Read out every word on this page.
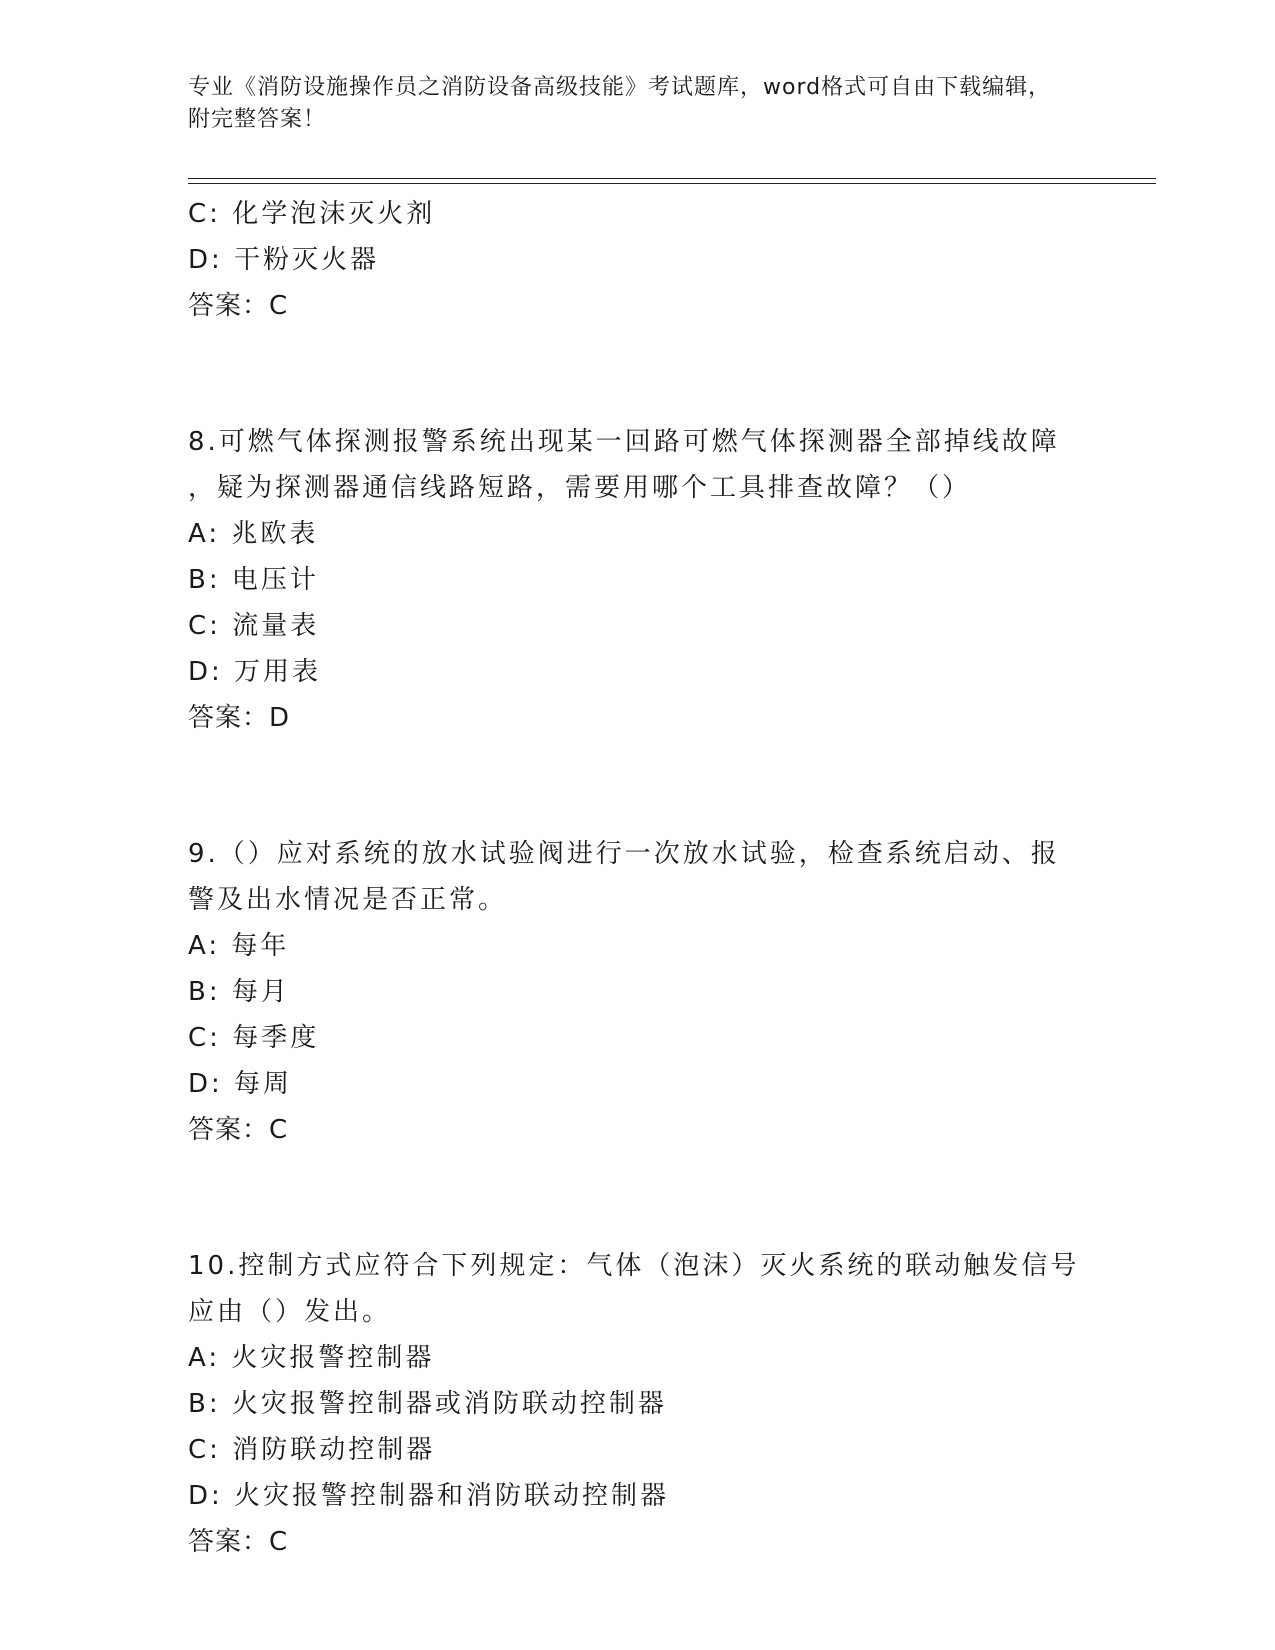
专业《消防设施操作员之消防设备高级技能》考试题库，word格式可自由下载编辑，附完整答案！
C: 化学泡沫灭火剂
D: 干粉灭火器
答案：C
8.可燃气体探测报警系统出现某一回路可燃气体探测器全部掉线故障
，疑为探测器通信线路短路，需要用哪个工具排查故障？（）
A: 兆欧表
B: 电压计
C: 流量表
D: 万用表
答案：D
9.（）应对系统的放水试验阀进行一次放水试验，检查系统启动、报
警及出水情况是否正常。
A: 每年
B: 每月
C: 每季度
D: 每周
答案：C
10.控制方式应符合下列规定：气体（泡沫）灭火系统的联动触发信号
应由（）发出。
A: 火灾报警控制器
B: 火灾报警控制器或消防联动控制器
C: 消防联动控制器
D: 火灾报警控制器和消防联动控制器
答案：C
